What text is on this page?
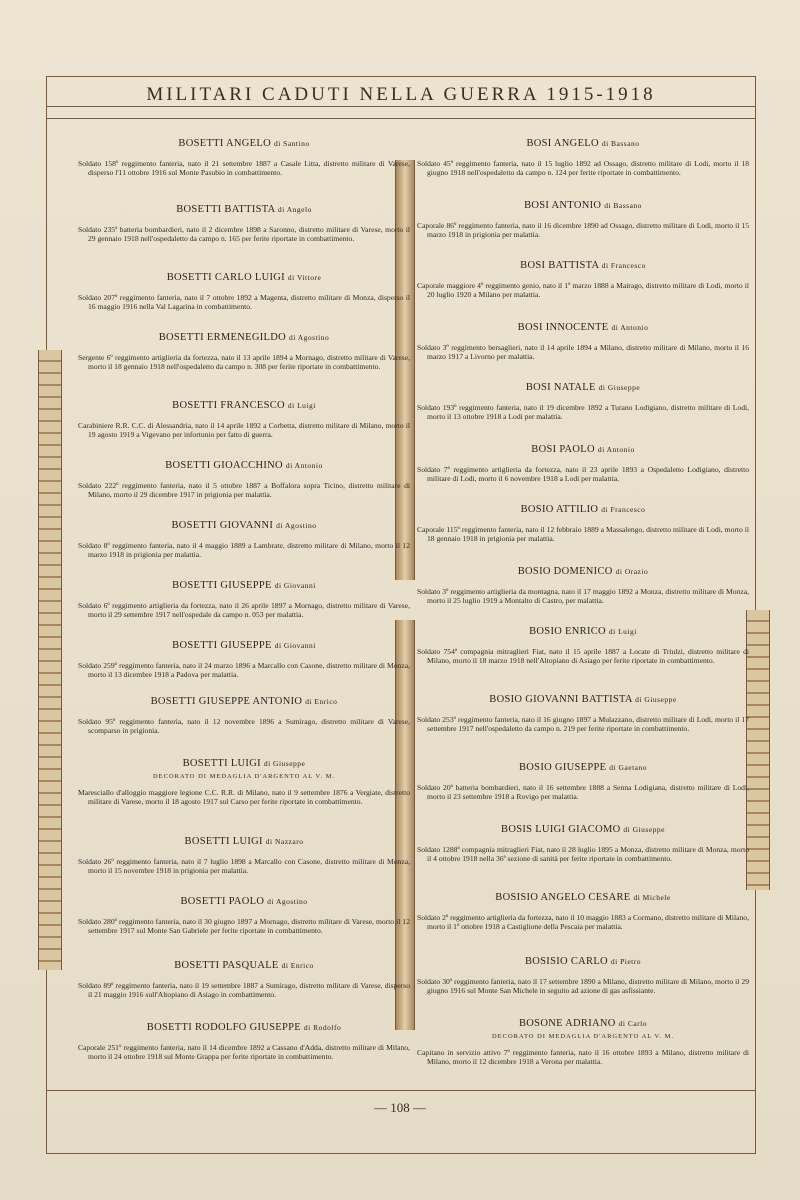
MILITARI CADUTI NELLA GUERRA 1915-1918
BOSETTI ANGELO di Santino
Soldato 158º reggimento fanteria, nato il 21 settembre 1887 a Casale Litta, distretto militare di Varese, disperso l'11 ottobre 1916 sul Monte Pasubio in combattimento.
BOSETTI BATTISTA di Angelo
Soldato 235ª batteria bombardieri, nato il 2 dicembre 1898 a Saronno, distretto militare di Varese, morto il 29 gennaio 1918 nell'ospedaletto da campo n. 165 per ferite riportate in combattimento.
BOSETTI CARLO LUIGI di Vittore
Soldato 207º reggimento fanteria, nato il 7 ottobre 1892 a Magenta, distretto militare di Monza, disperso il 16 maggio 1916 nella Val Lagarina in combattimento.
BOSETTI ERMENEGILDO di Agostino
Sergente 6º reggimento artiglieria da fortezza, nato il 13 aprile 1894 a Mornago, distretto militare di Varese, morto il 18 gennaio 1918 nell'ospedaletto da campo n. 308 per ferite riportate in combattimento.
BOSETTI FRANCESCO di Luigi
Carabiniere R.R. C.C. di Alessandria, nato il 14 aprile 1892 a Corbetta, distretto militare di Milano, morto il 19 agosto 1919 a Vigevano per infortunio per fatto di guerra.
BOSETTI GIOACCHINO di Antonio
Soldato 222º reggimento fanteria, nato il 5 ottobre 1887 a Boffalora sopra Ticino, distretto militare di Milano, morto il 29 dicembre 1917 in prigionia per malattia.
BOSETTI GIOVANNI di Agostino
Soldato 8º reggimento fanteria, nato il 4 maggio 1889 a Lambrate, distretto militare di Milano, morto il 12 marzo 1918 in prigionia per malattia.
BOSETTI GIUSEPPE di Giovanni
Soldato 6º reggimento artiglieria da fortezza, nato il 26 aprile 1897 a Mornago, distretto militare di Varese, morto il 29 settembre 1917 nell'ospedale da campo n. 053 per malattia.
BOSETTI GIUSEPPE di Giovanni
Soldato 259º reggimento fanteria, nato il 24 marzo 1896 a Marcallo con Casone, distretto militare di Monza, morto il 13 dicembre 1918 a Padova per malattia.
BOSETTI GIUSEPPE ANTONIO di Enrico
Soldato 95º reggimento fanteria, nato il 12 novembre 1896 a Sumirago, distretto militare di Varese, scomparso in prigionia.
BOSETTI LUIGI di Giuseppe
DECORATO DI MEDAGLIA D'ARGENTO AL V. M.
Maresciallo d'alloggio maggiore legione C.C. R.R. di Milano, nato il 9 settembre 1876 a Vergiate, distretto militare di Varese, morto il 18 agosto 1917 sul Carso per ferite riportate in combattimento.
BOSETTI LUIGI di Nazzaro
Soldato 26º reggimento fanteria, nato il 7 luglio 1898 a Marcallo con Casone, distretto militare di Monza, morto il 15 novembre 1918 in prigionia per malattia.
BOSETTI PAOLO di Agostino
Soldato 280º reggimento fanteria, nato il 30 giugno 1897 a Mornago, distretto militare di Varese, morto il 12 settembre 1917 sul Monte San Gabriele per ferite riportate in combattimento.
BOSETTI PASQUALE di Enrico
Soldato 89º reggimento fanteria, nato il 19 settembre 1887 a Sumirago, distretto militare di Varese, disperso il 21 maggio 1916 sull'Altopiano di Asiago in combattimento.
BOSETTI RODOLFO GIUSEPPE di Rodolfo
Caporale 251º reggimento fanteria, nato il 14 dicembre 1892 a Cassano d'Adda, distretto militare di Milano, morto il 24 ottobre 1918 sul Monte Grappa per ferite riportate in combattimento.
BOSI ANGELO di Bassano
Soldato 45º reggimento fanteria, nato il 15 luglio 1892 ad Ossago, distretto militare di Lodi, morto il 18 giugno 1918 nell'ospedaletto da campo n. 124 per ferite riportate in combattimento.
BOSI ANTONIO di Bassano
Caporale 86º reggimento fanteria, nato il 16 dicembre 1890 ad Ossago, distretto militare di Lodi, morto il 15 marzo 1918 in prigionia per malattia.
BOSI BATTISTA di Francesco
Caporale maggiore 4º reggimento genio, nato il 1º marzo 1888 a Mairago, distretto militare di Lodi, morto il 20 luglio 1920 a Milano per malattia.
BOSI INNOCENTE di Antonio
Soldato 3º reggimento bersaglieri, nato il 14 aprile 1894 a Milano, distretto militare di Milano, morto il 16 marzo 1917 a Livorno per malattia.
BOSI NATALE di Giuseppe
Soldato 193º reggimento fanteria, nato il 19 dicembre 1892 a Turano Lodigiano, distretto militare di Lodi, morto il 13 ottobre 1918 a Lodi per malattia.
BOSI PAOLO di Antonio
Soldato 7º reggimento artiglieria da fortezza, nato il 23 aprile 1893 a Ospedaletto Lodigiano, distretto militare di Lodi, morto il 6 novembre 1918 a Lodi per malattia.
BOSIO ATTILIO di Francesco
Caporale 115º reggimento fanteria, nato il 12 febbraio 1889 a Massalengo, distretto militare di Lodi, morto il 18 gennaio 1918 in prigionia per malattia.
BOSIO DOMENICO di Orazio
Soldato 3º reggimento artiglieria da montagna, nato il 17 maggio 1892 a Monza, distretto militare di Monza, morto il 25 luglio 1919 a Montalto di Castro, per malattia.
BOSIO ENRICO di Luigi
Soldato 754ª compagnia mitraglieri Fiat, nato il 15 aprile 1887 a Locate di Triulzi, distretto militare di Milano, morto il 18 marzo 1918 nell'Altopiano di Asiago per ferite riportate in combattimento.
BOSIO GIOVANNI BATTISTA di Giuseppe
Soldato 253º reggimento fanteria, nato il 16 giugno 1897 a Mulazzano, distretto militare di Lodi, morto il 17 settembre 1917 nell'ospedaletto da campo n. 219 per ferite riportate in combattimento.
BOSIO GIUSEPPE di Gaetano
Soldato 20ª batteria bombardieri, nato il 16 settembre 1888 a Senna Lodigiana, distretto militare di Lodi, morto il 23 settembre 1918 a Rovigo per malattia.
BOSIS LUIGI GIACOMO di Giuseppe
Soldato 1288ª compagnia mitraglieri Fiat, nato il 28 luglio 1895 a Monza, distretto militare di Monza, morto il 4 ottobre 1918 nella 36ª sezione di sanità per ferite riportate in combattimento.
BOSISIO ANGELO CESARE di Michele
Soldato 2º reggimento artiglieria da fortezza, nato il 10 maggio 1883 a Cormano, distretto militare di Milano, morto il 1º ottobre 1918 a Castiglione della Pescaia per malattia.
BOSISIO CARLO di Pietro
Soldato 30º reggimento fanteria, nato il 17 settembre 1890 a Milano, distretto militare di Milano, morto il 29 giugno 1916 sul Monte San Michele in seguito ad azione di gas asfissiante.
BOSONE ADRIANO di Carlo
DECORATO DI MEDAGLIA D'ARGENTO AL V. M.
Capitano in servizio attivo 7º reggimento fanteria, nato il 16 ottobre 1893 a Milano, distretto militare di Milano, morto il 12 dicembre 1918 a Verona per malattia.
— 108 —
